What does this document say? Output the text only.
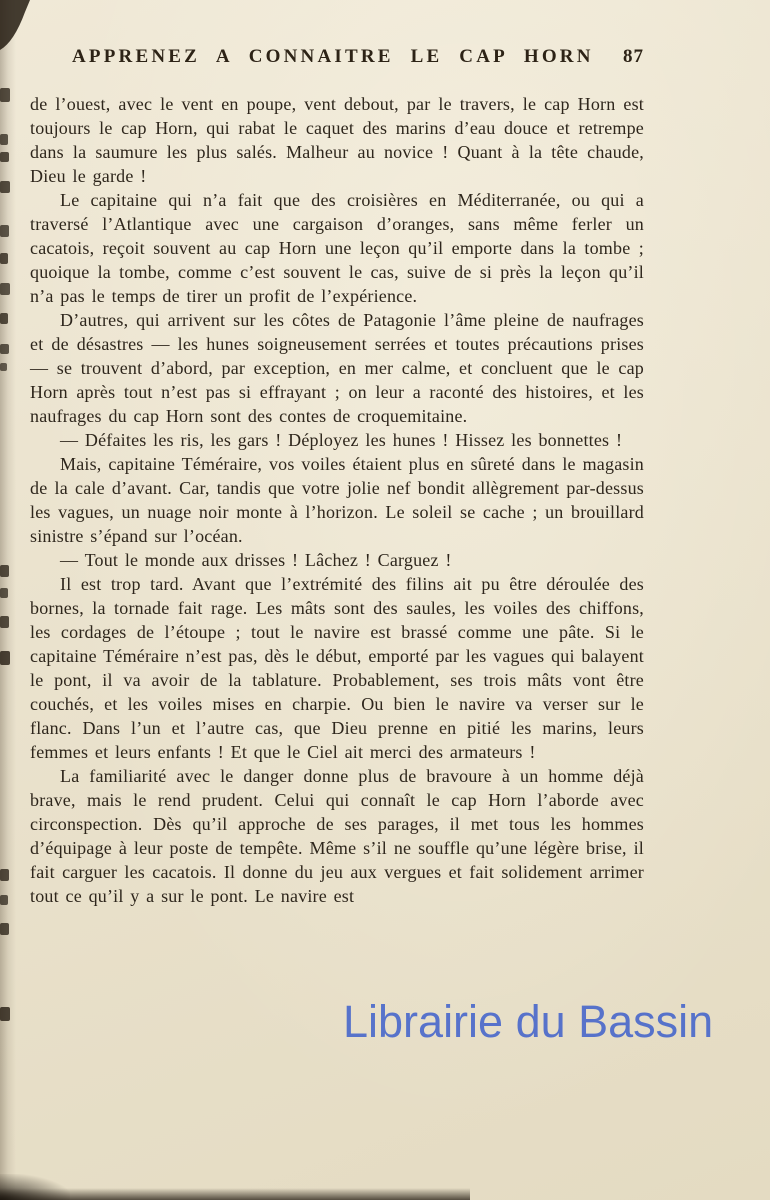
APPRENEZ A CONNAITRE LE CAP HORN 87

de l’ouest, avec le vent en poupe, vent debout, par le travers, le cap Horn est toujours le cap Horn, qui rabat le caquet des marins d’eau douce et retrempe dans la saumure les plus salés. Malheur au novice ! Quant à la tête chaude, Dieu le garde !

Le capitaine qui n’a fait que des croisières en Méditerranée, ou qui a traversé l’Atlantique avec une cargaison d’oranges, sans même ferler un cacatois, reçoit souvent au cap Horn une leçon qu’il emporte dans la tombe ; quoique la tombe, comme c’est souvent le cas, suive de si près la leçon qu’il n’a pas le temps de tirer un profit de l’expérience.

D’autres, qui arrivent sur les côtes de Patagonie l’âme pleine de naufrages et de désastres — les hunes soigneusement serrées et toutes précautions prises — se trouvent d’abord, par exception, en mer calme, et concluent que le cap Horn après tout n’est pas si effrayant ; on leur a raconté des histoires, et les naufrages du cap Horn sont des contes de croquemitaine.

— Défaites les ris, les gars ! Déployez les hunes ! Hissez les bonnettes !

Mais, capitaine Téméraire, vos voiles étaient plus en sûreté dans le magasin de la cale d’avant. Car, tandis que votre jolie nef bondit allègrement par-dessus les vagues, un nuage noir monte à l’horizon. Le soleil se cache ; un brouillard sinistre s’épand sur l’océan.

— Tout le monde aux drisses ! Lâchez ! Carguez !

Il est trop tard. Avant que l’extrémité des filins ait pu être déroulée des bornes, la tornade fait rage. Les mâts sont des saules, les voiles des chiffons, les cordages de l’étoupe ; tout le navire est brassé comme une pâte. Si le capitaine Téméraire n’est pas, dès le début, emporté par les vagues qui balayent le pont, il va avoir de la tablature. Probablement, ses trois mâts vont être couchés, et les voiles mises en charpie. Ou bien le navire va verser sur le flanc. Dans l’un et l’autre cas, que Dieu prenne en pitié les marins, leurs femmes et leurs enfants ! Et que le Ciel ait merci des armateurs !

La familiarité avec le danger donne plus de bravoure à un homme déjà brave, mais le rend prudent. Celui qui connaît le cap Horn l’aborde avec circonspection. Dès qu’il approche de ses parages, il met tous les hommes d’équipage à leur poste de tempête. Même s’il ne souffle qu’une légère brise, il fait carguer les cacatois. Il donne du jeu aux vergues et fait solidement arrimer tout ce qu’il y a sur le pont. Le navire est

Librairie du Bassin
